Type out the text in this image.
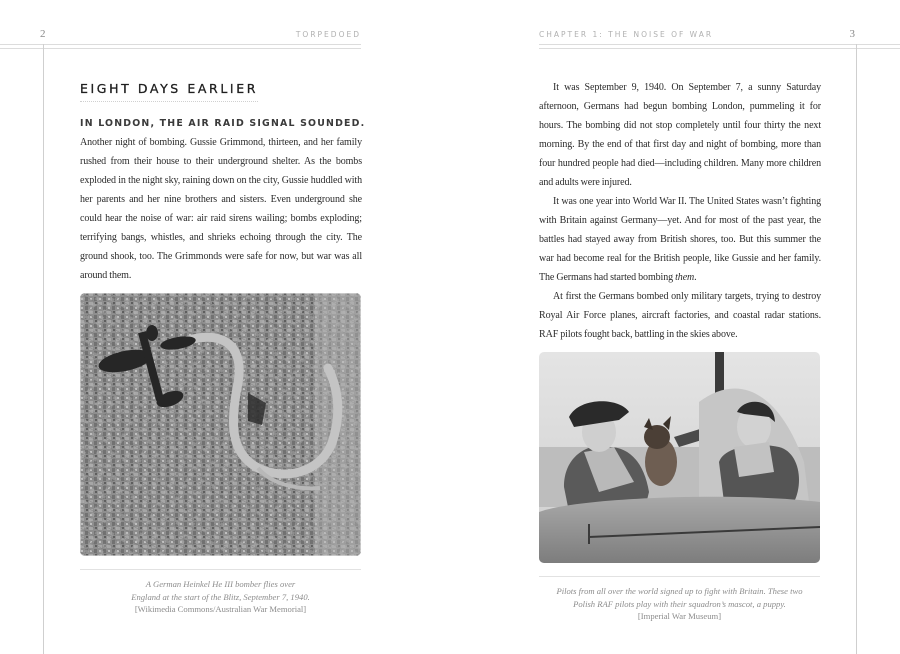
2	TORPEDOED
EIGHT DAYS EARLIER
IN LONDON, THE AIR RAID SIGNAL SOUNDED.

Another night of bombing. Gussie Grimmond, thirteen, and her family rushed from their house to their underground shelter. As the bombs exploded in the night sky, raining down on the city, Gussie huddled with her parents and her nine brothers and sisters. Even underground she could hear the noise of war: air raid sirens wailing; bombs exploding; terrifying bangs, whistles, and shrieks echoing through the city. The ground shook, too. The Grimmonds were safe for now, but war was all around them.

A German Heinkel He III bomber flies over
England at the start of the Blitz, September 7, 1940.
[Wikimedia Commons/Australian War Memorial]
CHAPTER 1: THE NOISE OF WAR	3

It was September 9, 1940. On September 7, a sunny Saturday afternoon, Germans had begun bombing London, pummeling it for hours. The bombing did not stop completely until four thirty the next morning. By the end of that first day and night of bombing, more than four hundred people had died—including children. Many more children and adults were injured.

It was one year into World War II. The United States wasn’t fighting with Britain against Germany—yet. And for most of the past year, the battles had stayed away from British shores, too. But this summer the war had become real for the British people, like Gussie and her family. The Germans had started bombing them.

At first the Germans bombed only military targets, trying to destroy Royal Air Force planes, aircraft factories, and coastal radar stations. RAF pilots fought back, battling in the skies above.

Pilots from all over the world signed up to fight with Britain. These two
Polish RAF pilots play with their squadron’s mascot, a puppy.
[Imperial War Museum]
